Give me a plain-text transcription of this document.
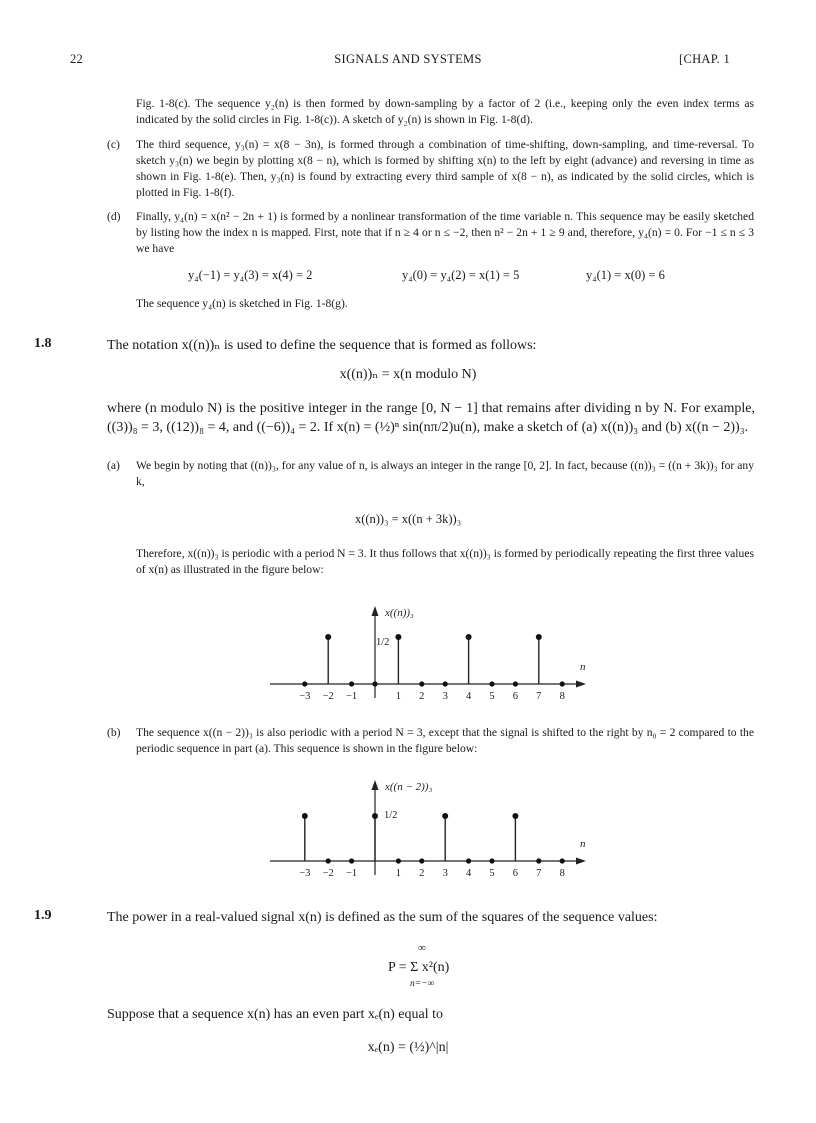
22	SIGNALS AND SYSTEMS	[CHAP. 1
Fig. 1-8(c). The sequence y₂(n) is then formed by down-sampling by a factor of 2 (i.e., keeping only the even index terms as indicated by the solid circles in Fig. 1-8(c)). A sketch of y₂(n) is shown in Fig. 1-8(d).
(c) The third sequence, y₃(n) = x(8 − 3n), is formed through a combination of time-shifting, down-sampling, and time-reversal. To sketch y₃(n) we begin by plotting x(8 − n), which is formed by shifting x(n) to the left by eight (advance) and reversing in time as shown in Fig. 1-8(e). Then, y₃(n) is found by extracting every third sample of x(8 − n), as indicated by the solid circles, which is plotted in Fig. 1-8(f).
(d) Finally, y₄(n) = x(n² − 2n + 1) is formed by a nonlinear transformation of the time variable n. This sequence may be easily sketched by listing how the index n is mapped. First, note that if n ≥ 4 or n ≤ −2, then n² − 2n + 1 ≥ 9 and, therefore, y₄(n) = 0. For −1 ≤ n ≤ 3 we have
y₄(−1) = y₄(3) = x(4) = 2	y₄(0) = y₄(2) = x(1) = 5	y₄(1) = x(0) = 6
The sequence y₄(n) is sketched in Fig. 1-8(g).
1.8	The notation x((n))ₙ is used to define the sequence that is formed as follows:
x((n))ₙ = x(n modulo N)
where (n modulo N) is the positive integer in the range [0, N − 1] that remains after dividing n by N. For example, ((3))₈ = 3, ((12))₈ = 4, and ((−6))₄ = 2. If x(n) = (½)ⁿ sin(nπ/2)u(n), make a sketch of (a) x((n))₃ and (b) x((n − 2))₃.
(a) We begin by noting that ((n))₃, for any value of n, is always an integer in the range [0, 2]. In fact, because ((n))₃ = ((n + 3k))₃ for any k,
x((n))₃ = x((n + 3k))₃
Therefore, x((n))₃ is periodic with a period N = 3. It thus follows that x((n))₃ is formed by periodically repeating the first three values of x(n) as illustrated in the figure below:
x((n))₃
n
1/2
−3 −2 −1	1 2 3 4 5 6 7 8
(b) The sequence x((n − 2))₃ is also periodic with a period N = 3, except that the signal is shifted to the right by n₀ = 2 compared to the periodic sequence in part (a). This sequence is shown in the figure below:
x((n − 2))₃
n
1/2
−3 −2 −1	1 2 3 4 5 6 7 8
1.9	The power in a real-valued signal x(n) is defined as the sum of the squares of the sequence values:
P = Σ x²(n)
∞
n=−∞
Suppose that a sequence x(n) has an even part xₑ(n) equal to
xₑ(n) = (½)^|n|
